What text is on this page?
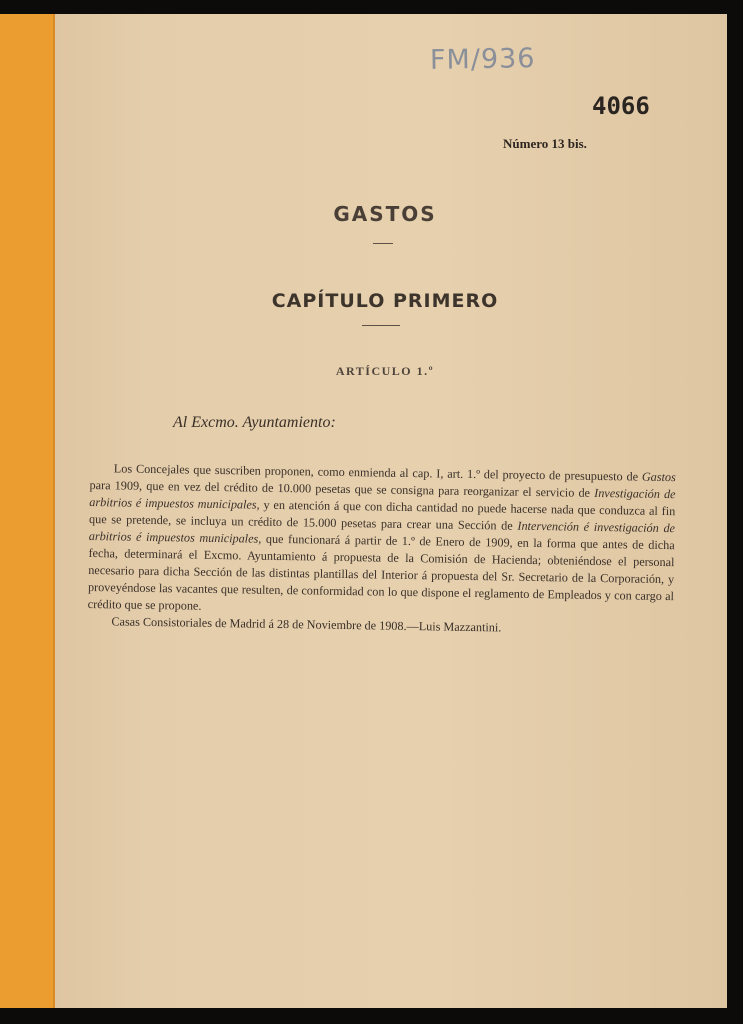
FM/936

4066

Número 13 bis.

GASTOS
CAPÍTULO PRIMERO
ARTÍCULO 1.º

Al Excmo. Ayuntamiento:

Los Concejales que suscriben proponen, como enmienda al cap. I, art. 1.º del proyecto de presupuesto de Gastos para 1909, que en vez del crédito de 10.000 pesetas que se consigna para reorganizar el servicio de Investigación de arbitrios é impuestos municipales, y en atención á que con dicha cantidad no puede hacerse nada que conduzca al fin que se pretende, se incluya un crédito de 15.000 pesetas para crear una Sección de Intervención é investigación de arbitrios é impuestos municipales, que funcionará á partir de 1.º de Enero de 1909, en la forma que antes de dicha fecha, determinará el Excmo. Ayuntamiento á propuesta de la Comisión de Hacienda; obteniéndose el personal necesario para dicha Sección de las distintas plantillas del Interior á propuesta del Sr. Secretario de la Corporación, y proveyéndose las vacantes que resulten, de conformidad con lo que dispone el reglamento de Empleados y con cargo al crédito que se propone.

Casas Consistoriales de Madrid á 28 de Noviembre de 1908.—Luis Mazzantini.
